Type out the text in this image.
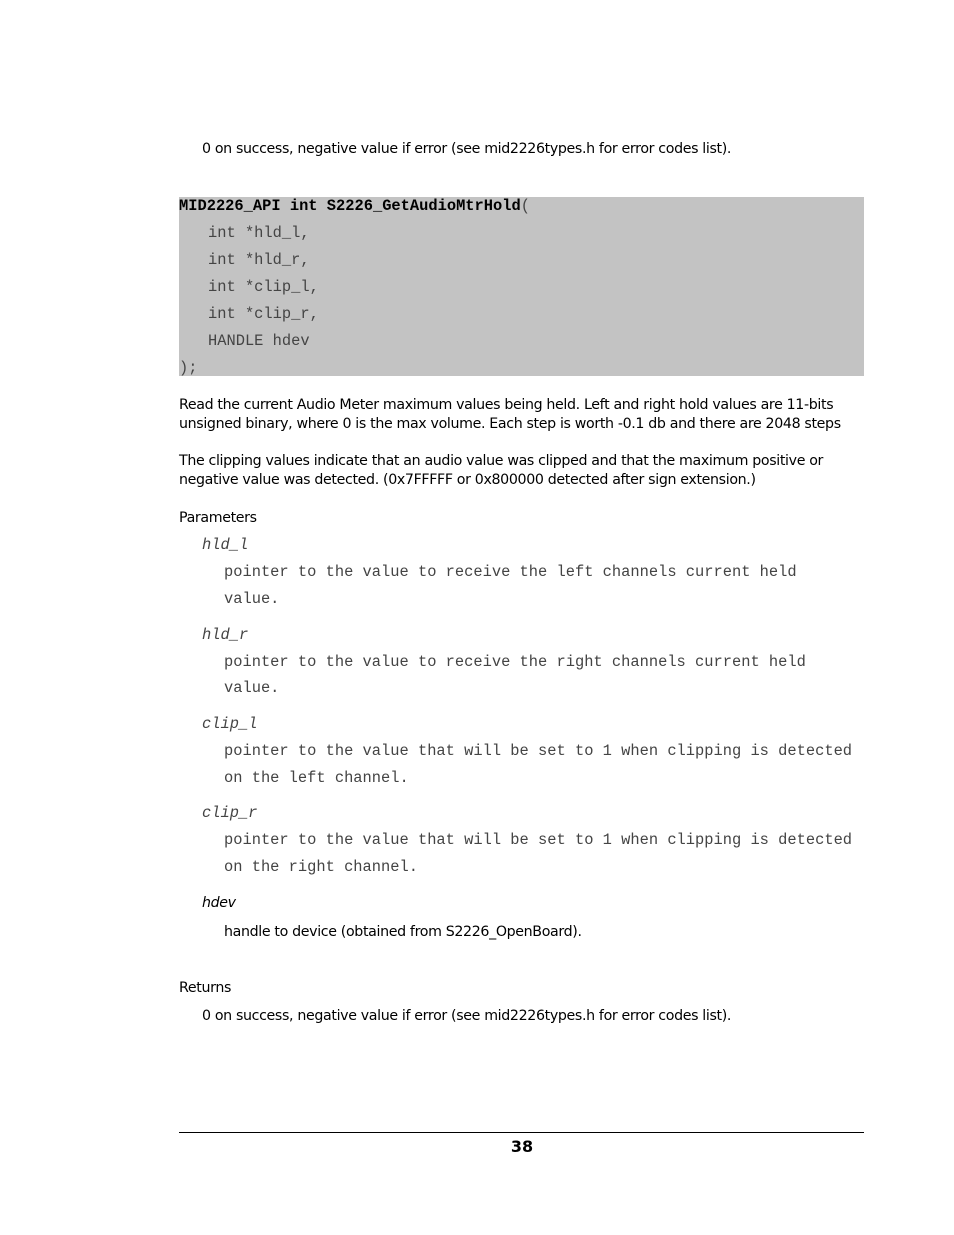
0 on success, negative value if error (see mid2226types.h for error codes list).
MID2226_API int S2226_GetAudioMtrHold(
int *hld_l,
int *hld_r,
int *clip_l,
int *clip_r,
HANDLE hdev
);
Read the current Audio Meter maximum values being held. Left and right hold values are 11-bits
unsigned binary, where 0 is the max volume. Each step is worth -0.1 db and there are 2048 steps
The clipping values indicate that an audio value was clipped and that the maximum positive or
negative value was detected. (0x7FFFFF or 0x800000 detected after sign extension.)
Parameters
hld_l
pointer to the value to receive the left channels current held
value.
hld_r
pointer to the value to receive the right channels current held
value.
clip_l
pointer to the value that will be set to 1 when clipping is detected
on the left channel.
clip_r
pointer to the value that will be set to 1 when clipping is detected
on the right channel.
hdev
handle to device (obtained from S2226_OpenBoard).
Returns
0 on success, negative value if error (see mid2226types.h for error codes list).
38
